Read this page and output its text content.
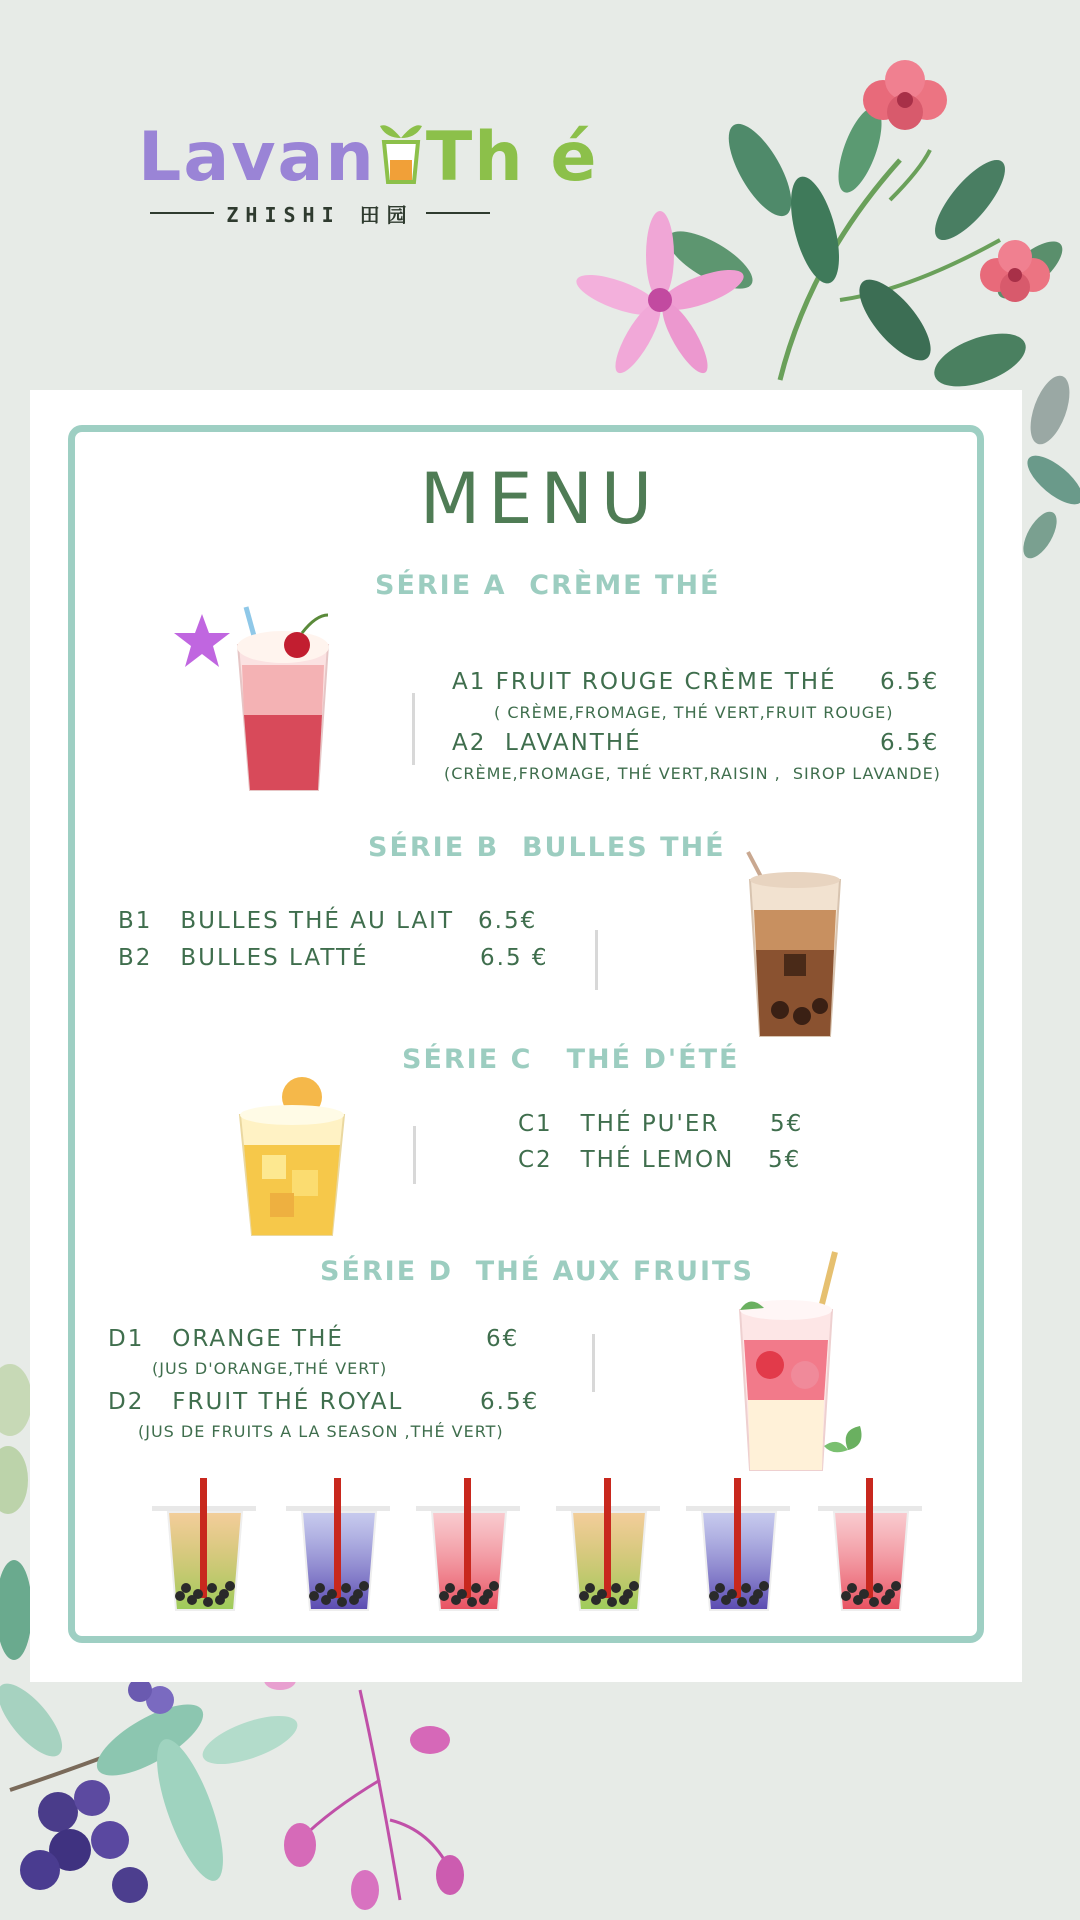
Lavan Th é
ZHISHI 田园
MENU
SÉRIE A  CRÈME THÉ
A1 FRUIT ROUGE CRÈME THÉ 6.5€
( CRÈME,FROMAGE, THÉ VERT,FRUIT ROUGE)
A2  LAVANTHÉ	6.5€
(CRÈME,FROMAGE, THÉ VERT,RAISIN ,  SIROP LAVANDE)
SÉRIE B  BULLES THÉ
B1   BULLES THÉ AU LAIT 6.5€
B2   BULLES LATTÉ	6.5 €
SÉRIE C   THÉ D'ÉTÉ
C1   THÉ PU'ER 5€
C2   THÉ LEMON 5€
SÉRIE D  THÉ AUX FRUITS
D1   ORANGE THÉ	6€
(JUS D'ORANGE,THÉ VERT)
D2   FRUIT THÉ ROYAL	6.5€
(JUS DE FRUITS A LA SEASON ,THÉ VERT)
